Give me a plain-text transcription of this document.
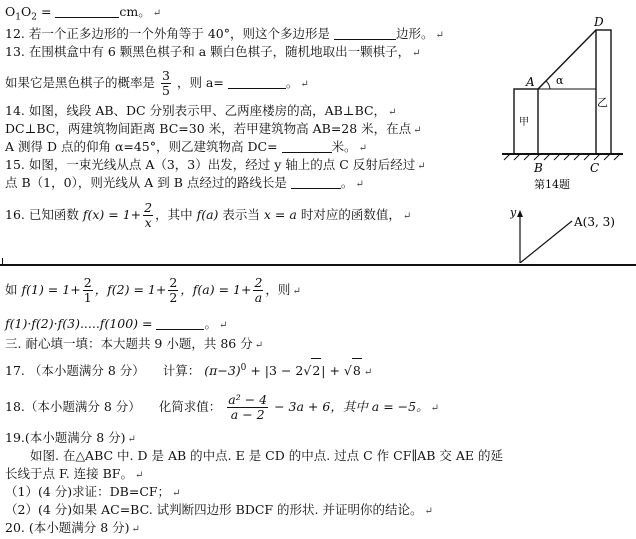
$O_1O_2$ =	cm。 ↵
12. 若一个正多边形的一个外角等于 40°，则这个多边形是	边形。 ↵
13. 在围棋盒中有 6 颗黑色棋子和 a 颗白色棋子，随机地取出一颗棋子， ↵
如果它是黑色棋子的概率是 $\frac{3}{5}$ ，则 a=	。 ↵
14. 如图，线段 AB、DC 分别表示甲、乙两座楼房的高，AB⊥BC， ↵
DC⊥BC，两建筑物间距离 BC=30 米，若甲建筑物高 AB=28 米，在点 ↵
A 测得 D 点的仰角 α=45°，则乙建筑物高 DC=	米。 ↵
15. 如图，一束光线从点 A（3，3）出发，经过 y 轴上的点 C 反射后经过 ↵
点 B（1，0），则光线从 A 到 B 点经过的路线长是	。 ↵
16. 已知函数 $f(x) = 1+ \frac{2}{x}$ ，其中 f(a) 表示当 x = a 时对应的函数值， ↵
D
A α
乙
甲
B	C
第14题
y
A(3, 3)
如 $f(1) = 1+ \frac{2}{1}$ ，$f(2) = 1+ \frac{2}{2}$ ，$f(a) = 1+ \frac{2}{a}$ ，则 ↵
f(1)·f(2)·f(3).....f(100) =	。 ↵
三. 耐心填一填：本大题共 9 小题，共 86 分 ↵
17. （本小题满分 8 分） 计算： $(\pi-3)^0 + |3 - 2√2| + √8$ ↵
18.（本小题满分 8 分） 化简求值： $\frac{\text{a² − 4}}{a - 2} - 3a + 6$，其中 a = −5。 ↵
19.(本小题满分 8 分) ↵
如图. 在△ABC 中. D 是 AB 的中点. E 是 CD 的中点. 过点 C 作 CF∥AB 交 AE 的延
长线于点 F. 连接 BF。 ↵
（1）(4 分)求证：DB=CF； ↵
（2）(4 分)如果 AC=BC. 试判断四边形 BDCF 的形状. 并证明你的结论。 ↵
20. (本小题满分 8 分) ↵
